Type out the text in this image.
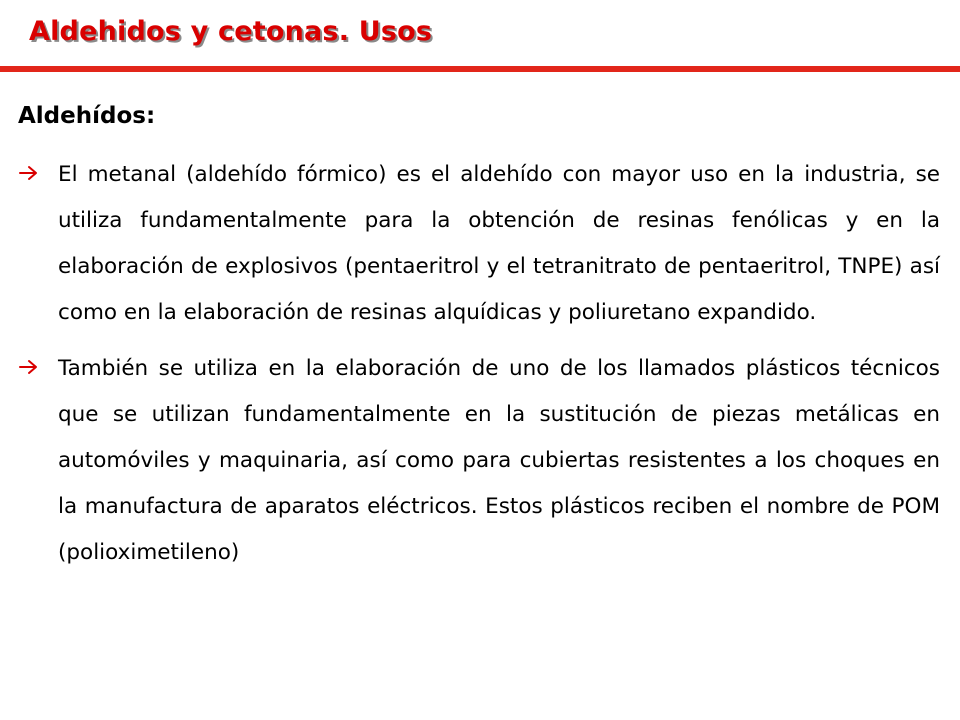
Aldehidos y cetonas. Usos
Aldehídos:

El metanal (aldehído fórmico) es el aldehído con mayor uso en la industria, se utiliza fundamentalmente para la obtención de resinas fenólicas y en la elaboración de explosivos (pentaeritrol y el tetranitrato de pentaeritrol, TNPE) así como en la elaboración de resinas alquídicas y poliuretano expandido.

También se utiliza en la elaboración de uno de los llamados plásticos técnicos que se utilizan fundamentalmente en la sustitución de piezas metálicas en automóviles y maquinaria, así como para cubiertas resistentes a los choques en la manufactura de aparatos eléctricos. Estos plásticos reciben el nombre de POM (polioximetileno)
